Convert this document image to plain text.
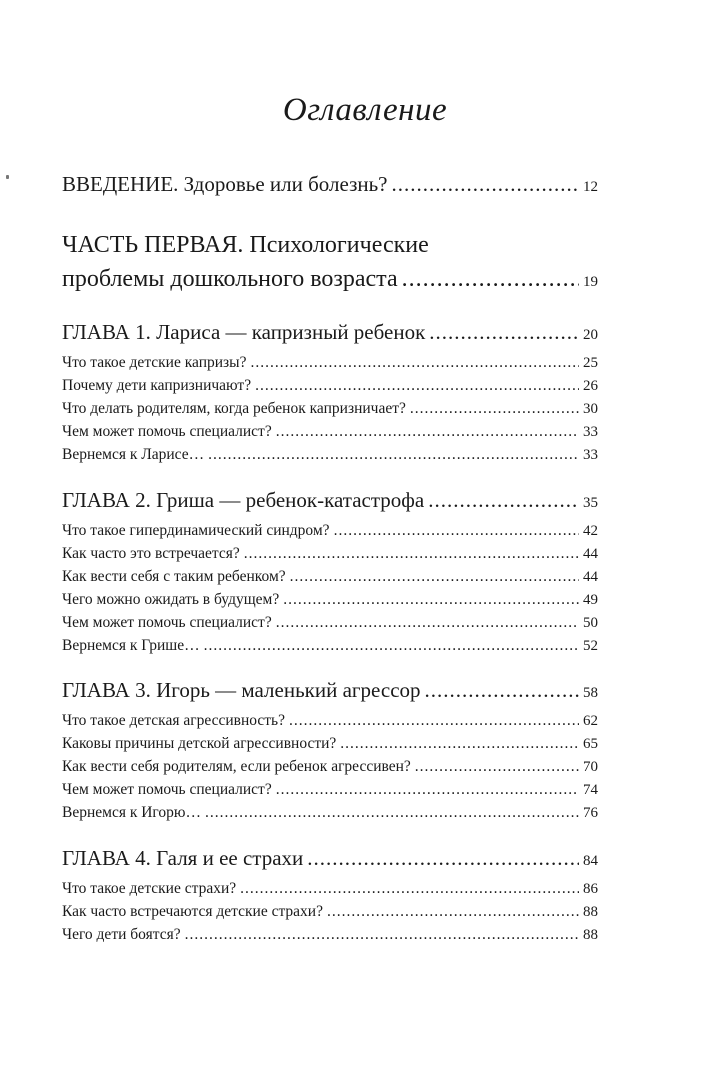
Оглавление
ВВЕДЕНИЕ. Здоровье или болезнь? .....	12
ЧАСТЬ ПЕРВАЯ. Психологические
проблемы дошкольного возраста .....	19
ГЛАВА 1. Лариса — капризный ребенок .....	20
Что такое детские капризы? .....	25
Почему дети капризничают? .....	26
Что делать родителям, когда ребенок капризничает? .....	30
Чем может помочь специалист? .....	33
Вернемся к Ларисе… .....	33
ГЛАВА 2. Гриша — ребенок-катастрофа .....	35
Что такое гипердинамический синдром? .....	42
Как часто это встречается? .....	44
Как вести себя с таким ребенком? .....	44
Чего можно ожидать в будущем? .....	49
Чем может помочь специалист? .....	50
Вернемся к Грише… .....	52
ГЛАВА 3. Игорь — маленький агрессор .....	58
Что такое детская агрессивность? .....	62
Каковы причины детской агрессивности? .....	65
Как вести себя родителям, если ребенок агрессивен? .....	70
Чем может помочь специалист? .....	74
Вернемся к Игорю… .....	76
ГЛАВА 4. Галя и ее страхи .....	84
Что такое детские страхи? .....	86
Как часто встречаются детские страхи? .....	88
Чего дети боятся? .....	88
